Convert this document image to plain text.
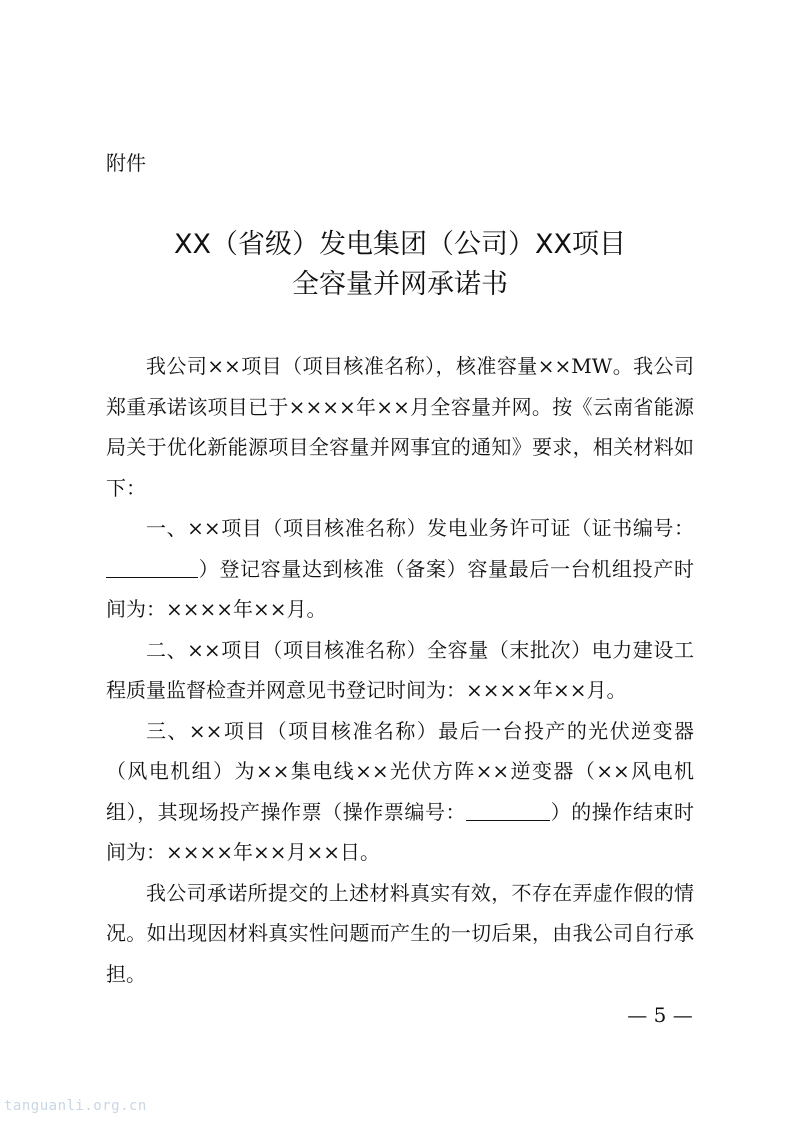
附件
XX（省级）发电集团（公司）XX项目
全容量并网承诺书

我公司××项目（项目核准名称），核准容量××MW。我公司郑重承诺该项目已于××××年××月全容量并网。按《云南省能源局关于优化新能源项目全容量并网事宜的通知》要求，相关材料如下：

一、××项目（项目核准名称）发电业务许可证（证书编号：）登记容量达到核准（备案）容量最后一台机组投产时间为：××××年××月。

二、××项目（项目核准名称）全容量（末批次）电力建设工程质量监督检查并网意见书登记时间为：××××年××月。

三、××项目（项目核准名称）最后一台投产的光伏逆变器（风电机组）为××集电线××光伏方阵××逆变器（××风电机组），其现场投产操作票（操作票编号：	）的操作结束时间为：××××年××月××日。

我公司承诺所提交的上述材料真实有效，不存在弄虚作假的情况。如出现因材料真实性问题而产生的一切后果，由我公司自行承担。

— 5 —
tanguanli.org.cn
